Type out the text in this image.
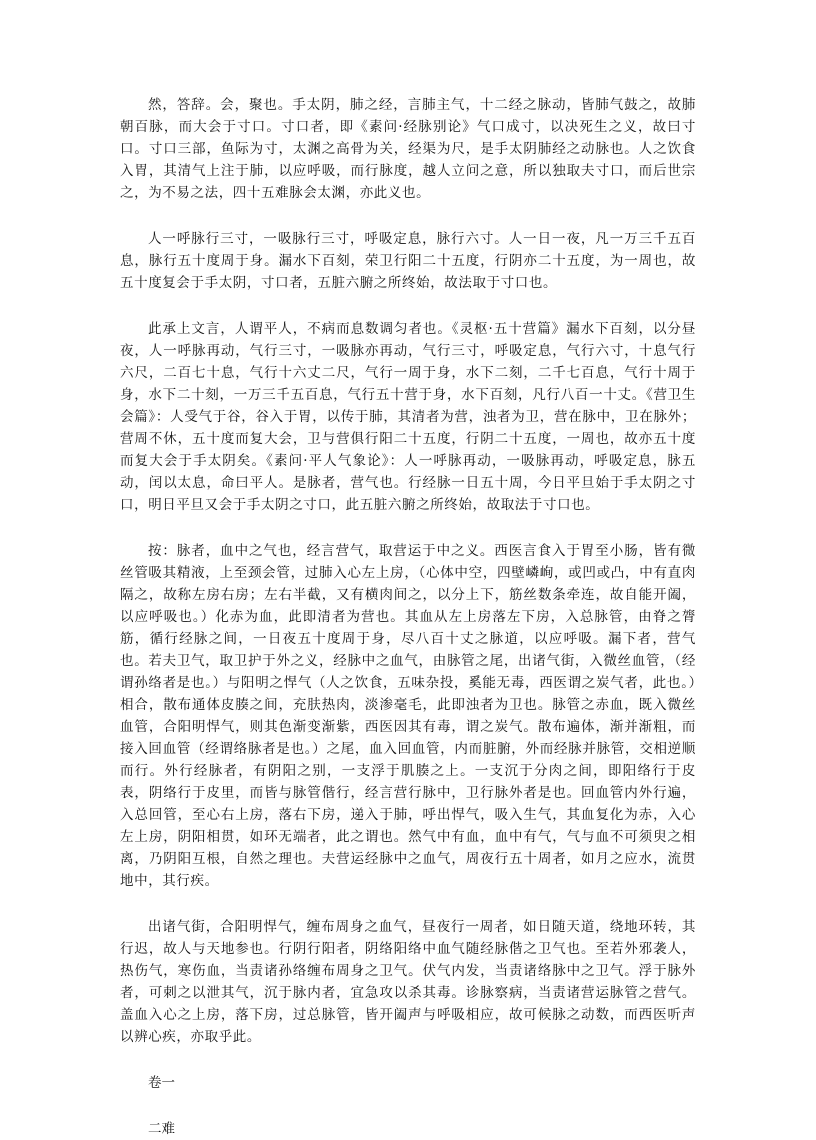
然，答辞。会，聚也。手太阴，肺之经，言肺主气，十二经之脉动，皆肺气鼓之，故肺朝百脉，而大会于寸口。寸口者，即《素问·经脉别论》气口成寸，以决死生之义，故曰寸口。寸口三部，鱼际为寸，太渊之高骨为关，经渠为尺，是手太阴肺经之动脉也。人之饮食入胃，其清气上注于肺，以应呼吸，而行脉度，越人立问之意，所以独取夫寸口，而后世宗之，为不易之法，四十五难脉会太渊，亦此义也。

人一呼脉行三寸，一吸脉行三寸，呼吸定息，脉行六寸。人一日一夜，凡一万三千五百息，脉行五十度周于身。漏水下百刻，荣卫行阳二十五度，行阴亦二十五度，为一周也，故五十度复会于手太阴，寸口者，五脏六腑之所终始，故法取于寸口也。

此承上文言，人谓平人，不病而息数调匀者也。《灵枢·五十营篇》漏水下百刻，以分昼夜，人一呼脉再动，气行三寸，一吸脉亦再动，气行三寸，呼吸定息，气行六寸，十息气行六尺，二百七十息，气行十六丈二尺，气行一周于身，水下二刻，二千七百息，气行十周于身，水下二十刻，一万三千五百息，气行五十营于身，水下百刻，凡行八百一十丈。《营卫生会篇》：人受气于谷，谷入于胃，以传于肺，其清者为营，浊者为卫，营在脉中，卫在脉外；营周不休，五十度而复大会，卫与营俱行阳二十五度，行阴二十五度，一周也，故亦五十度而复大会于手太阴矣。《素问·平人气象论》：人一呼脉再动，一吸脉再动，呼吸定息，脉五动，闰以太息，命曰平人。是脉者，营气也。行经脉一日五十周，今日平旦始于手太阴之寸口，明日平旦又会于手太阴之寸口，此五脏六腑之所终始，故取法于寸口也。

按：脉者，血中之气也，经言营气，取营运于中之义。西医言食入于胃至小肠，皆有微丝管吸其精液，上至颈会管，过肺入心左上房，（心体中空，四壁嶙峋，或凹或凸，中有直肉隔之，故称左房右房；左右半截，又有横肉间之，以分上下，筋丝数条牵连，故自能开阖，以应呼吸也。）化赤为血，此即清者为营也。其血从左上房落左下房，入总脉管，由脊之膂筋，循行经脉之间，一日夜五十度周于身，尽八百十丈之脉道，以应呼吸。漏下者，营气也。若夫卫气，取卫护于外之义，经脉中之血气，由脉管之尾，出诸气街，入微丝血管，（经谓孙络者是也。）与阳明之悍气（人之饮食，五味杂投，奚能无毒，西医谓之炭气者，此也。）相合，散布通体皮腠之间，充肤热肉，淡渗毫毛，此即浊者为卫也。脉管之赤血，既入微丝血管，合阳明悍气，则其色渐变渐紫，西医因其有毒，谓之炭气。散布遍体，渐并渐粗，而接入回血管（经谓络脉者是也。）之尾，血入回血管，内而脏腑，外而经脉并脉管，交相逆顺而行。外行经脉者，有阴阳之别，一支浮于肌腠之上。一支沉于分肉之间，即阳络行于皮表，阴络行于皮里，而皆与脉管偕行，经言营行脉中，卫行脉外者是也。回血管内外行遍，入总回管，至心右上房，落右下房，递入于肺，呼出悍气，吸入生气，其血复化为赤，入心左上房，阴阳相贯，如环无端者，此之谓也。然气中有血，血中有气，气与血不可须臾之相离，乃阴阳互根，自然之理也。夫营运经脉中之血气，周夜行五十周者，如月之应水，流贯地中，其行疾。

出诸气街，合阳明悍气，缠布周身之血气，昼夜行一周者，如日随天道，绕地环转，其行迟，故人与天地参也。行阴行阳者，阴络阳络中血气随经脉偕之卫气也。至若外邪袭人，热伤气，寒伤血，当责诸孙络缠布周身之卫气。伏气内发，当责诸络脉中之卫气。浮于脉外者，可刺之以泄其气，沉于脉内者，宜急攻以杀其毒。诊脉察病，当责诸营运脉管之营气。盖血入心之上房，落下房，过总脉管，皆开阖声与呼吸相应，故可候脉之动数，而西医听声以辨心疾，亦取乎此。

卷一

二难
